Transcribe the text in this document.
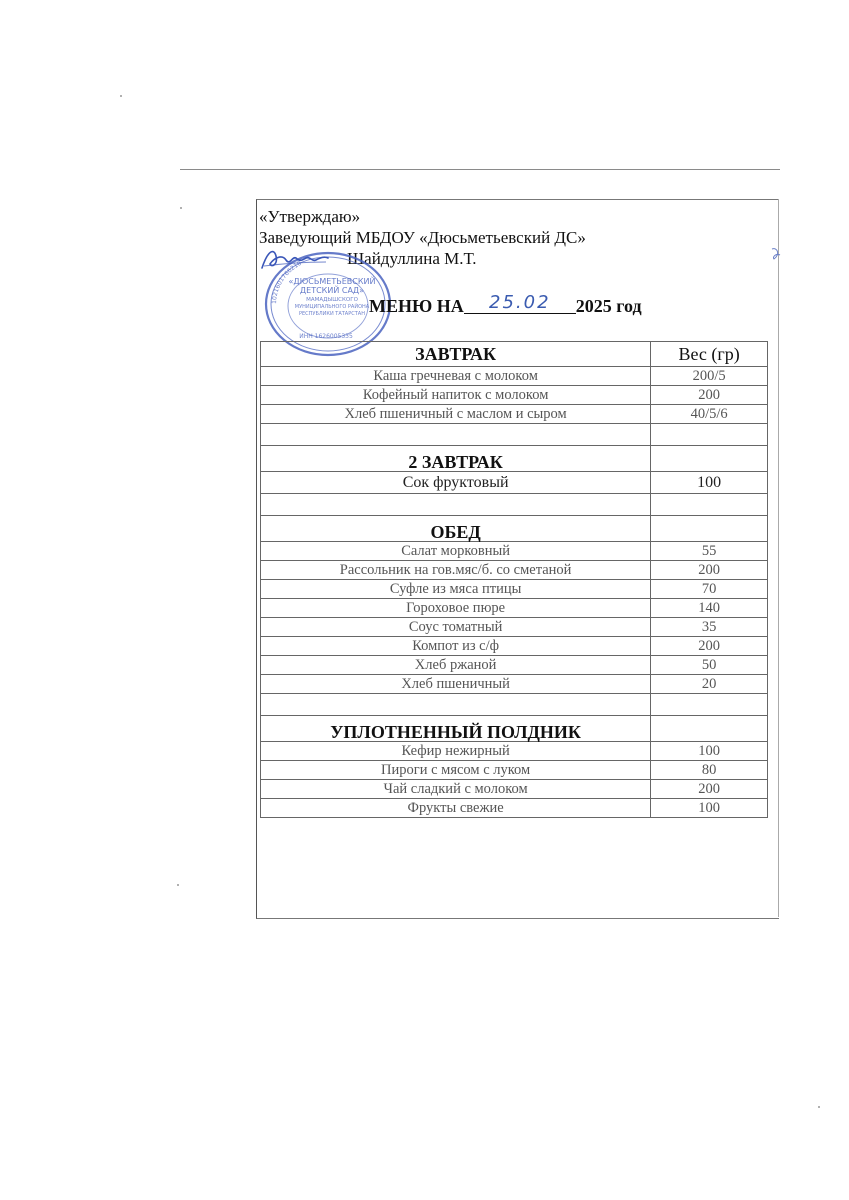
«Утверждаю»
Заведующий МБДОУ «Дюсьметьевский ДС»
Шайдуллина М.Т.
1021601766210
«ДЮСЬМЕТЬЕВСКИЙ
ДЕТСКИЙ САД»
МАМАДЫШСКОГО
МУНИЦИПАЛЬНОГО РАЙОНА
РЕСПУБЛИКИ ТАТАРСТАН
ИНН 1626005335
МЕНЮ НА 25.02 2025 год
ЗАВТРАК	Вес (гр)
Каша гречневая с молоком	200/5
Кофейный напиток с молоком	200
Хлеб пшеничный с маслом и сыром	40/5/6

2 ЗАВТРАК	
Сок фруктовый	100

ОБЕД	
Салат морковный	55
Рассольник на гов.мяс/б. со сметаной	200
Суфле из мяса птицы	70
Гороховое пюре	140
Соус томатный	35
Компот из с/ф	200
Хлеб ржаной	50
Хлеб пшеничный	20

УПЛОТНЕННЫЙ ПОЛДНИК	
Кефир нежирный	100
Пироги с мясом с луком	80
Чай сладкий с молоком	200
Фрукты свежие	100
